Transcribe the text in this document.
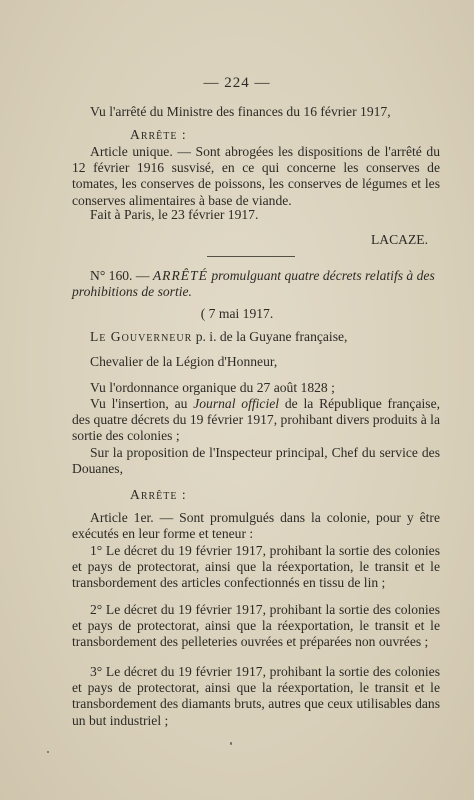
— 224 —
Vu l'arrêté du Ministre des finances du 16 février 1917,
Arrête :
Article unique. — Sont abrogées les dispositions de l'arrêté du 12 février 1916 susvisé, en ce qui concerne les conserves de tomates, les conserves de poissons, les conserves de légumes et les conserves alimentaires à base de viande.
Fait à Paris, le 23 février 1917.
LACAZE.
N° 160. — ARRÊTÉ promulguant quatre décrets relatifs à des prohibitions de sortie.
( 7 mai 1917.
Le Gouverneur p. i. de la Guyane française,
Chevalier de la Légion d'Honneur,
Vu l'ordonnance organique du 27 août 1828 ;
Vu l'insertion, au Journal officiel de la République française, des quatre décrets du 19 février 1917, prohibant divers produits à la sortie des colonies ;
Sur la proposition de l'Inspecteur principal, Chef du service des Douanes,
Arrête :
Article 1er. — Sont promulgués dans la colonie, pour y être exécutés en leur forme et teneur :
1° Le décret du 19 février 1917, prohibant la sortie des colonies et pays de protectorat, ainsi que la réexportation, le transit et le transbordement des articles confectionnés en tissu de lin ;
2° Le décret du 19 février 1917, prohibant la sortie des colonies et pays de protectorat, ainsi que la réexportation, le transit et le transbordement des pelleteries ouvrées et préparées non ouvrées ;
3° Le décret du 19 février 1917, prohibant la sortie des colonies et pays de protectorat, ainsi que la réexportation, le transit et le transbordement des diamants bruts, autres que ceux utilisables dans un but industriel ;
